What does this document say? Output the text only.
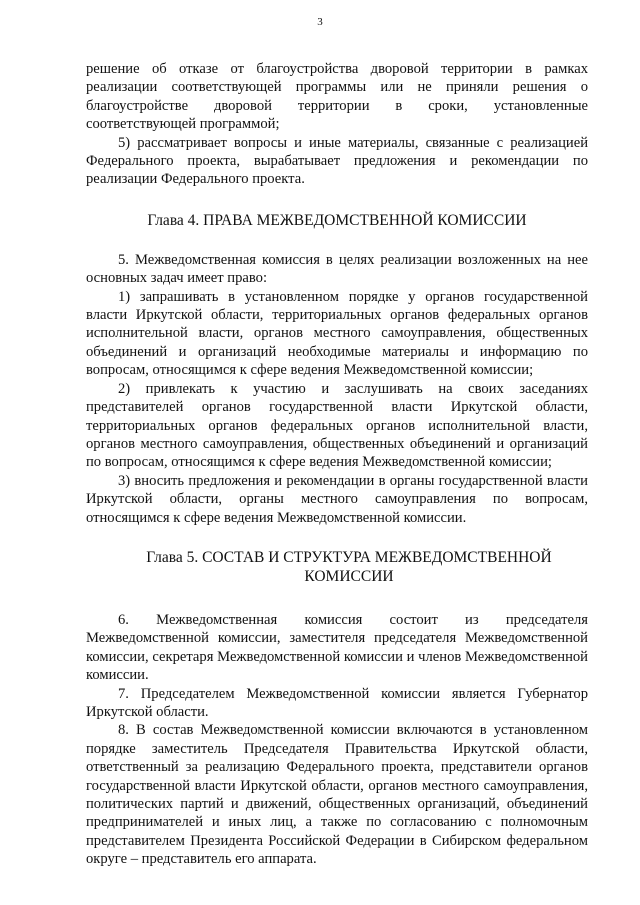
3

решение об отказе от благоустройства дворовой территории в рамках реализации соответствующей программы или не приняли решения о благоустройстве дворовой территории в сроки, установленные соответствующей программой;

5) рассматривает вопросы и иные материалы, связанные с реализацией Федерального проекта, вырабатывает предложения и рекомендации по реализации Федерального проекта.

Глава 4. ПРАВА МЕЖВЕДОМСТВЕННОЙ КОМИССИИ

5. Межведомственная комиссия в целях реализации возложенных на нее основных задач имеет право:

1) запрашивать в установленном порядке у органов государственной власти Иркутской области, территориальных органов федеральных органов исполнительной власти, органов местного самоуправления, общественных объединений и организаций необходимые материалы и информацию по вопросам, относящимся к сфере ведения Межведомственной комиссии;

2) привлекать к участию и заслушивать на своих заседаниях представителей органов государственной власти Иркутской области, территориальных органов федеральных органов исполнительной власти, органов местного самоуправления, общественных объединений и организаций по вопросам, относящимся к сфере ведения Межведомственной комиссии;

3) вносить предложения и рекомендации в органы государственной власти Иркутской области, органы местного самоуправления по вопросам, относящимся к сфере ведения Межведомственной комиссии.

Глава 5. СОСТАВ И СТРУКТУРА МЕЖВЕДОМСТВЕННОЙ
КОМИССИИ

6. Межведомственная комиссия состоит из председателя Межведомственной комиссии, заместителя председателя Межведомственной комиссии, секретаря Межведомственной комиссии и членов Межведомственной комиссии.

7. Председателем Межведомственной комиссии является Губернатор Иркутской области.

8. В состав Межведомственной комиссии включаются в установленном порядке заместитель Председателя Правительства Иркутской области, ответственный за реализацию Федерального проекта, представители органов государственной власти Иркутской области, органов местного самоуправления, политических партий и движений, общественных организаций, объединений предпринимателей и иных лиц, а также по согласованию с полномочным представителем Президента Российской Федерации в Сибирском федеральном округе – представитель его аппарата.
